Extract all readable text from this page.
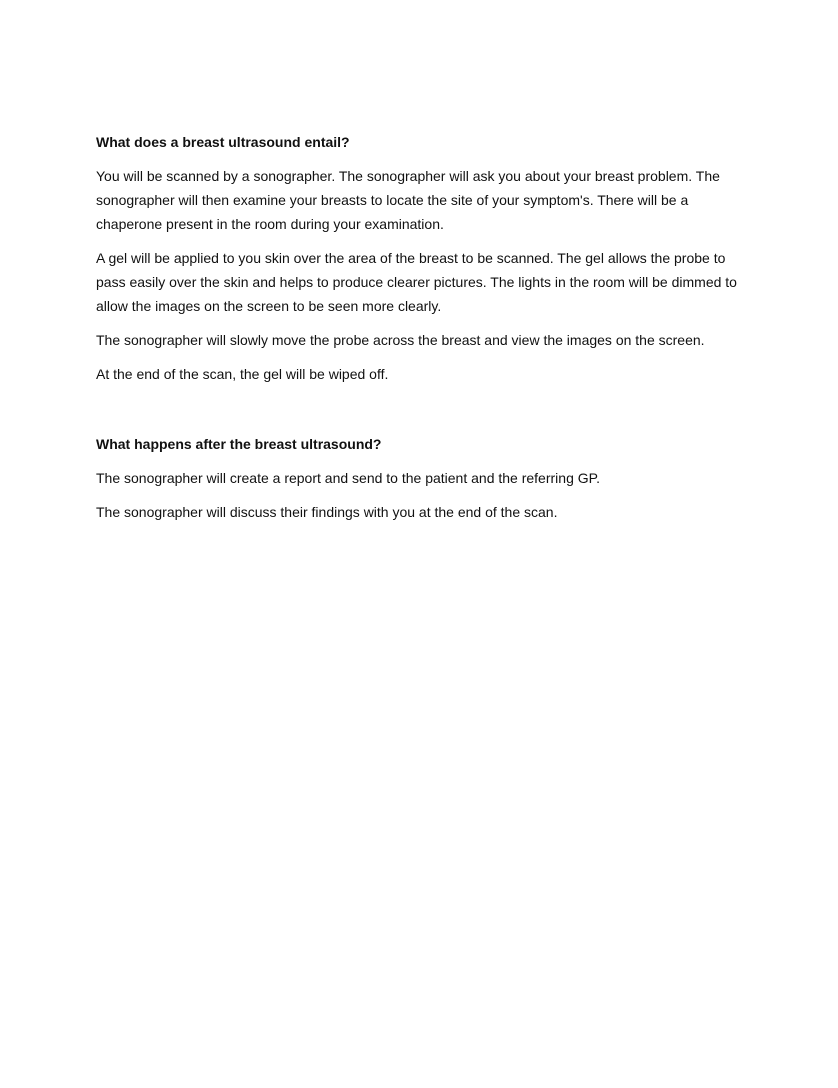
What does a breast ultrasound entail?

You will be scanned by a sonographer. The sonographer will ask you about your breast problem. The sonographer will then examine your breasts to locate the site of your symptom's. There will be a chaperone present in the room during your examination.

A gel will be applied to you skin over the area of the breast to be scanned. The gel allows the probe to pass easily over the skin and helps to produce clearer pictures. The lights in the room will be dimmed to allow the images on the screen to be seen more clearly.

The sonographer will slowly move the probe across the breast and view the images on the screen.

At the end of the scan, the gel will be wiped off.

What happens after the breast ultrasound?

The sonographer will create a report and send to the patient and the referring GP.

The sonographer will discuss their findings with you at the end of the scan.
